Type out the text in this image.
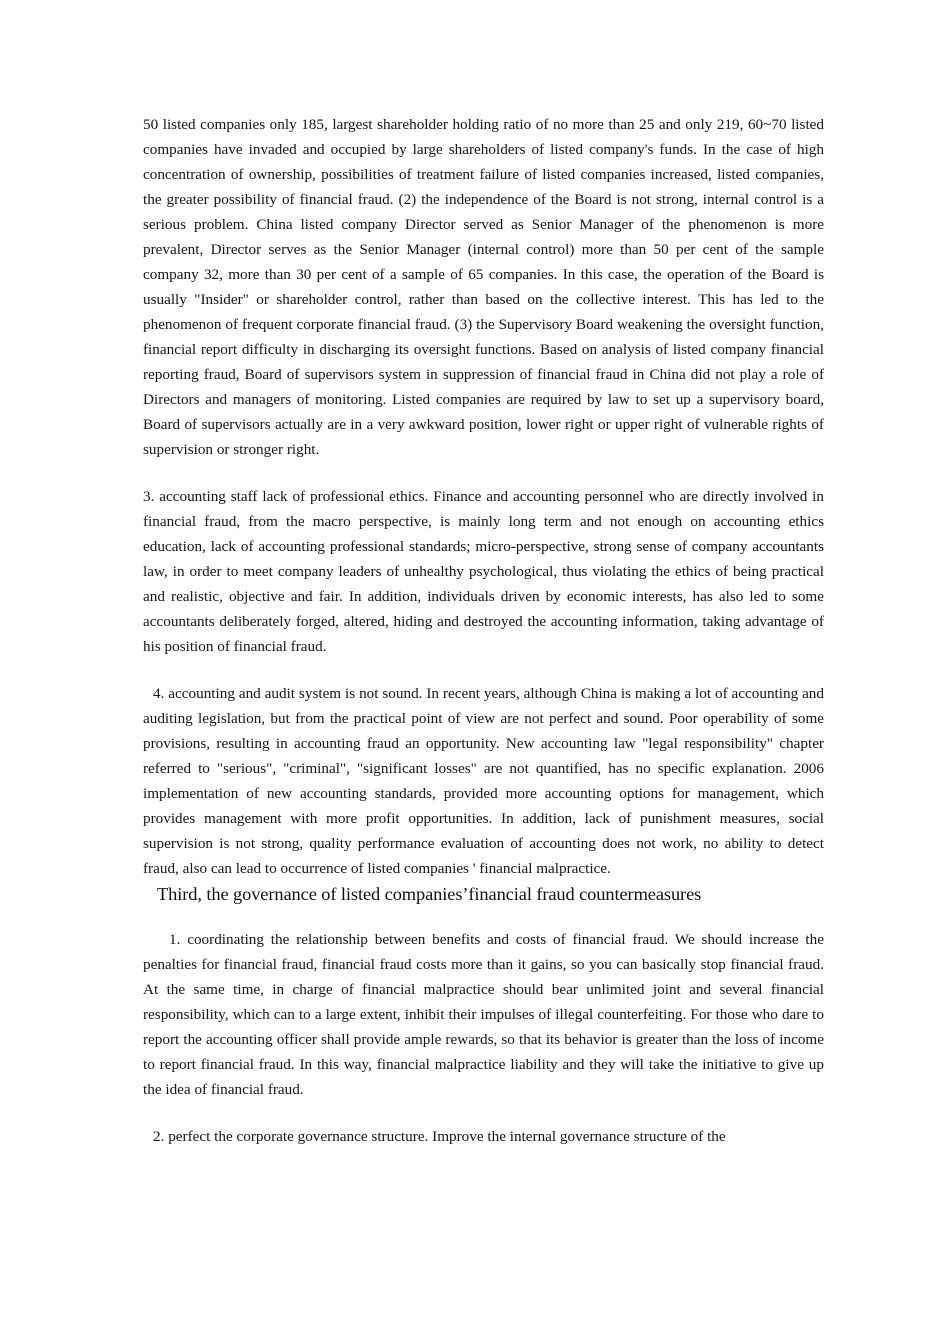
50 listed companies only 185, largest shareholder holding ratio of no more than 25 and only 219, 60~70 listed companies have invaded and occupied by large shareholders of listed company's funds. In the case of high concentration of ownership, possibilities of treatment failure of listed companies increased, listed companies, the greater possibility of financial fraud. (2) the independence of the Board is not strong, internal control is a serious problem. China listed company Director served as Senior Manager of the phenomenon is more prevalent, Director serves as the Senior Manager (internal control) more than 50 per cent of the sample company 32, more than 30 per cent of a sample of 65 companies. In this case, the operation of the Board is usually "Insider" or shareholder control, rather than based on the collective interest. This has led to the phenomenon of frequent corporate financial fraud. (3) the Supervisory Board weakening the oversight function, financial report difficulty in discharging its oversight functions. Based on analysis of listed company financial reporting fraud, Board of supervisors system in suppression of financial fraud in China did not play a role of Directors and managers of monitoring. Listed companies are required by law to set up a supervisory board, Board of supervisors actually are in a very awkward position, lower right or upper right of vulnerable rights of supervision or stronger right.

3. accounting staff lack of professional ethics. Finance and accounting personnel who are directly involved in financial fraud, from the macro perspective, is mainly long term and not enough on accounting ethics education, lack of accounting professional standards; micro-perspective, strong sense of company accountants law, in order to meet company leaders of unhealthy psychological, thus violating the ethics of being practical and realistic, objective and fair. In addition, individuals driven by economic interests, has also led to some accountants deliberately forged, altered, hiding and destroyed the accounting information, taking advantage of his position of financial fraud.

4. accounting and audit system is not sound. In recent years, although China is making a lot of accounting and auditing legislation, but from the practical point of view are not perfect and sound. Poor operability of some provisions, resulting in accounting fraud an opportunity. New accounting law "legal responsibility" chapter referred to "serious", "criminal", "significant losses" are not quantified, has no specific explanation. 2006 implementation of new accounting standards, provided more accounting options for management, which provides management with more profit opportunities. In addition, lack of punishment measures, social supervision is not strong, quality performance evaluation of accounting does not work, no ability to detect fraud, also can lead to occurrence of listed companies ' financial malpractice.

Third, the governance of listed companies’financial fraud countermeasures

1. coordinating the relationship between benefits and costs of financial fraud. We should increase the penalties for financial fraud, financial fraud costs more than it gains, so you can basically stop financial fraud. At the same time, in charge of financial malpractice should bear unlimited joint and several financial responsibility, which can to a large extent, inhibit their impulses of illegal counterfeiting. For those who dare to report the accounting officer shall provide ample rewards, so that its behavior is greater than the loss of income to report financial fraud. In this way, financial malpractice liability and they will take the initiative to give up the idea of financial fraud.

2. perfect the corporate governance structure. Improve the internal governance structure of the
